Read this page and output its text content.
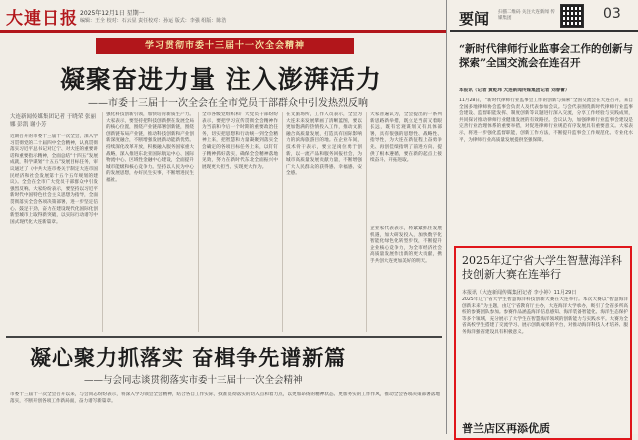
大連日报 2025年12月1日 星期一
编辑：王全 校对：石云显 责任校对：孙运 版式：李强 组版：陈浩
学习贯彻市委十三届十一次全会精神
凝聚奋进力量 注入澎湃活力
——市委十三届十一次全会在全市党员干部群众中引发热烈反响
大连新闻传媒集团记者 于晓荣 张丽娜 彭凯 谢小芳
近期召开的市委十三届十一次全会，深入学习贯彻党的二十届四中全会精神，认真贯彻落实习近平总书记对辽宁、对大连的重要讲话和重要指示精神，全面总结“十四五”发展成就，科学谋划“十五五”发展目标任务，审议通过了《中共大连市委关于制定大连市国民经济和社会发展第十五个五年规划的建议》。全会在全市广大党员干部群众中引发强烈反响。大家纷纷表示，要坚持以习近平新时代中国特色社会主义思想为指导，全面贯彻落实全会各项决策部署，进一步坚定信心、鼓足干劲，奋力在建设现代化国际化创新型城市上取得新突破，以实际行动谱写中国式现代化大连新篇章。
强化科技创新引领，加快培育新质生产力。大家表示，要坚持把科技创新摆在发展全局的核心位置，围绕产业链部署创新链，围绕创新链布局产业链，推动科技创新和产业创新深度融合，不断增强发展新动能新优势。持续深化改革开放，积极融入服务国家重大战略，深入推进东北亚国际航运中心、国际物流中心、区域性金融中心建设，全面提升城市能级和核心竞争力。坚持以人民为中心的发展思想，办好民生实事，不断增进民生福祉。
全市各级党组织和广大党员干部纷纷表示，要把学习宣传贯彻全会精神作为当前和今后一个时期的重要政治任务，切实把思想和行动统一到全会精神上来，把智慧和力量凝聚到落实全会确定的各项目标任务上来，以钉钉子精神抓好落实，确保全会精神落地见效，努力在新时代东北全面振兴中展现更大担当、实现更大作为。
在文旅场所，工作人员表示，全会为大连未来发展擘画了清晰蓝图，要以更加饱满的热情投入工作，推动文旅融合高质量发展，打造具有国际影响力的滨海旅游目的地。在企业车间，技术骨干表示，要立足岗位勇于创新，以一流产品和服务回报社会，为城市高质量发展贡献力量，不断增强广大人民群众的获得感、幸福感、安全感。
大家普遍认为，全会提出的一系列新思路新举措，既立足当前又着眼长远，既有宏观谋划又有具体部署，具有很强的思想性、战略性、指导性，为大连在新征程上奋勇争先、再创佳绩指明了前进方向、提供了根本遵循，要在新的起点上接续奋斗、开拓进取。
企业家代表表示，将紧紧抓住发展机遇，加大研发投入，加快数字化智能化绿色化转型步伐，不断提升企业核心竞争力，为全市经济社会高质量发展作出新的更大贡献，携手共创大连更加美好的明天。
凝心聚力抓落实 奋楫争先谱新篇
——与会同志谈贯彻落实市委十三届十一次全会精神
市委十三届十一次全会召开以来，与会同志纷纷表示，将深入学习领会全会精神，结合各自工作实际，找准贯彻落实的切入点和着力点，以更加昂扬的精神状态、更加务实的工作作风，推动全会各项决策部署落地落实，不断开创各项工作新局面，奋力谱写新篇章。
要闻 扫描二维码 关注大连新闻 传媒集团	03
“新时代律师行业监事会工作的创新与探索”全国交流会在连召开
本报讯（记者 黄乾玮 大连新闻传媒集团记者 刘春蕾）
11月28日，“新时代律师行业监事会工作的创新与探索”全国交流会在大连召开，来自全国多地律师协会监事会负责人及代表参加会议。与会代表围绕新时代律师行业监事会建设、监督职能发挥、制度创新等议题进行深入交流，分享工作经验与实践成果，共同探讨推动律师行业健康发展的有效路径。会议认为，加强律师行业监事会建设是完善行业治理体系的重要举措，对促进律师行业规范有序发展具有重要意义。大家表示，将进一步强化监督职能，创新工作方法，不断提升监事会工作规范化、专业化水平，为律师行业高质量发展提供坚强保障。
2025年辽宁省大学生智慧海洋科技创新大赛在连举行
本报讯（大连新闻传媒集团记者 李小婷）11月29日
2025年辽宁省大学生智慧海洋科技创新大赛在大连举行。本次大赛以“智慧海洋 创新未来”为主题，由辽宁省教育厅主办，大连海洋大学承办，吸引了全省多所高校的参赛团队参加。参赛作品涵盖海洋信息感知、海洋装备智能化、海洋生态保护等多个领域，充分展示了大学生在智慧海洋领域的创新能力与实践水平。大赛为全省高校学生搭建了交流学习、展示创新成果的平台，对推动海洋科技人才培养、服务海洋强省建设具有积极意义。
普兰店区再添优质
